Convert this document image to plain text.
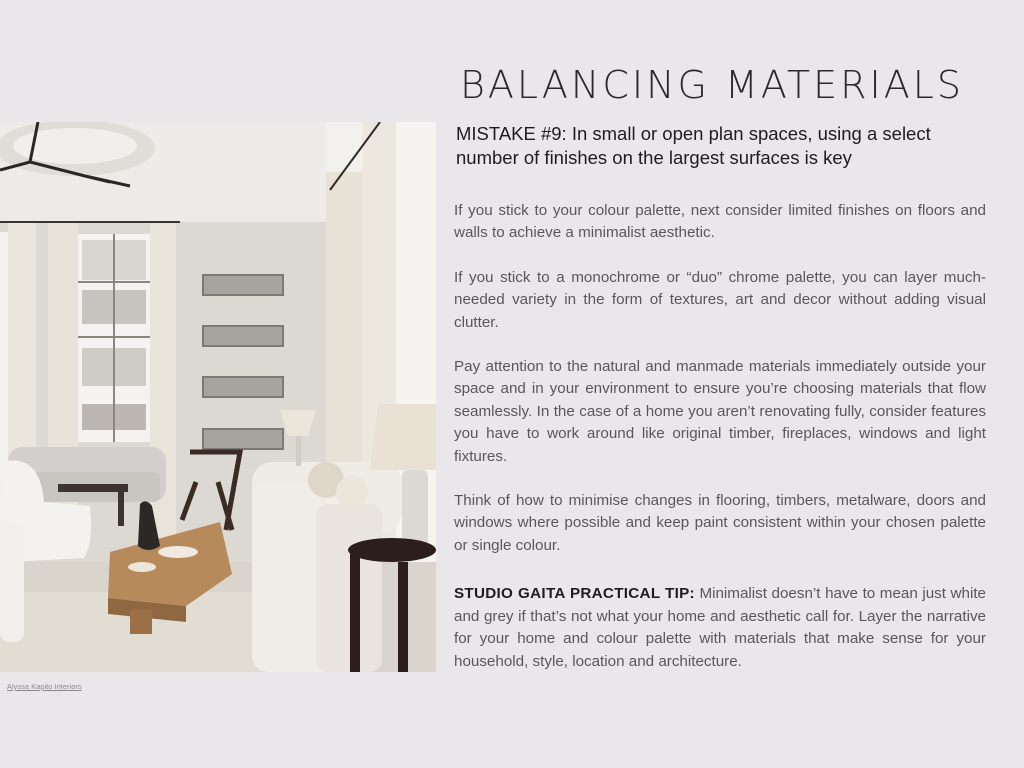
BALANCING MATERIALS
Alyssa Kapito Interiors
MISTAKE #9: In small or open plan spaces, using a select number of finishes on the largest surfaces is key

If you stick to your colour palette, next consider limited finishes on floors and walls to achieve a minimalist aesthetic.

If you stick to a monochrome or “duo” chrome palette, you can layer much-needed variety in the form of textures, art and decor without adding visual clutter.

Pay attention to the natural and manmade materials immediately outside your space and in your environment to ensure you’re choosing materials that flow seamlessly. In the case of a home you aren’t renovating fully, consider features you have to work around like original timber, fireplaces, windows and light fixtures.

Think of how to minimise changes in flooring, timbers, metalware, doors and windows where possible and keep paint consistent within your chosen palette or single colour.

STUDIO GAITA PRACTICAL TIP: Minimalist doesn’t have to mean just white and grey if that’s not what your home and aesthetic call for. Layer the narrative for your home and colour palette with materials that make sense for your household, style, location and architecture.
